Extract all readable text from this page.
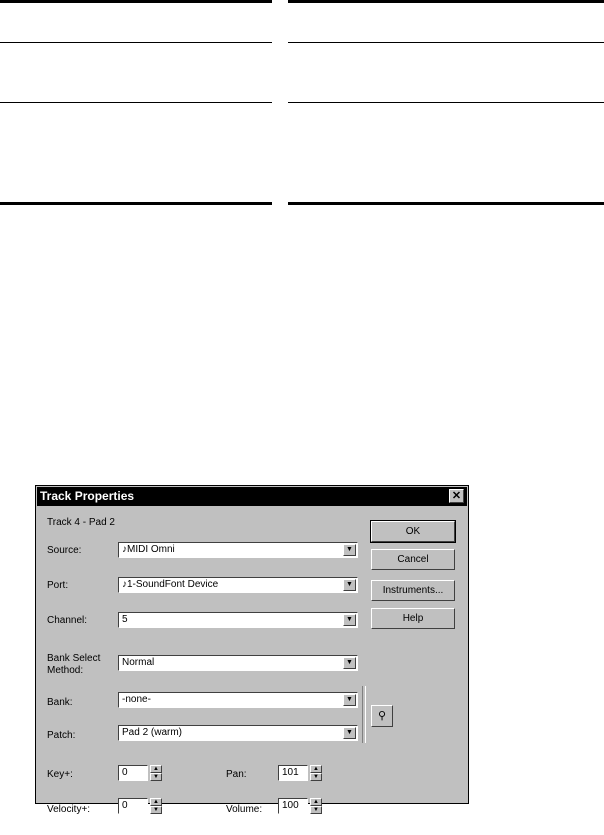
Track Properties	✕
Track 4 - Pad 2
Source:	♪MIDI Omni	▼
Port:	♪1-SoundFont Device	▼
Channel:	5	▼
Bank Select
Method:
Normal	▼
Bank:	-none-	▼
Patch:	Pad 2 (warm)	▼
⚲
OK
Cancel
Instruments...
Help
Key+:	0	▲
▼
Velocity+:	0	▲
▼
Pan:	101	▲
▼
Volume:	100	▲
▼
